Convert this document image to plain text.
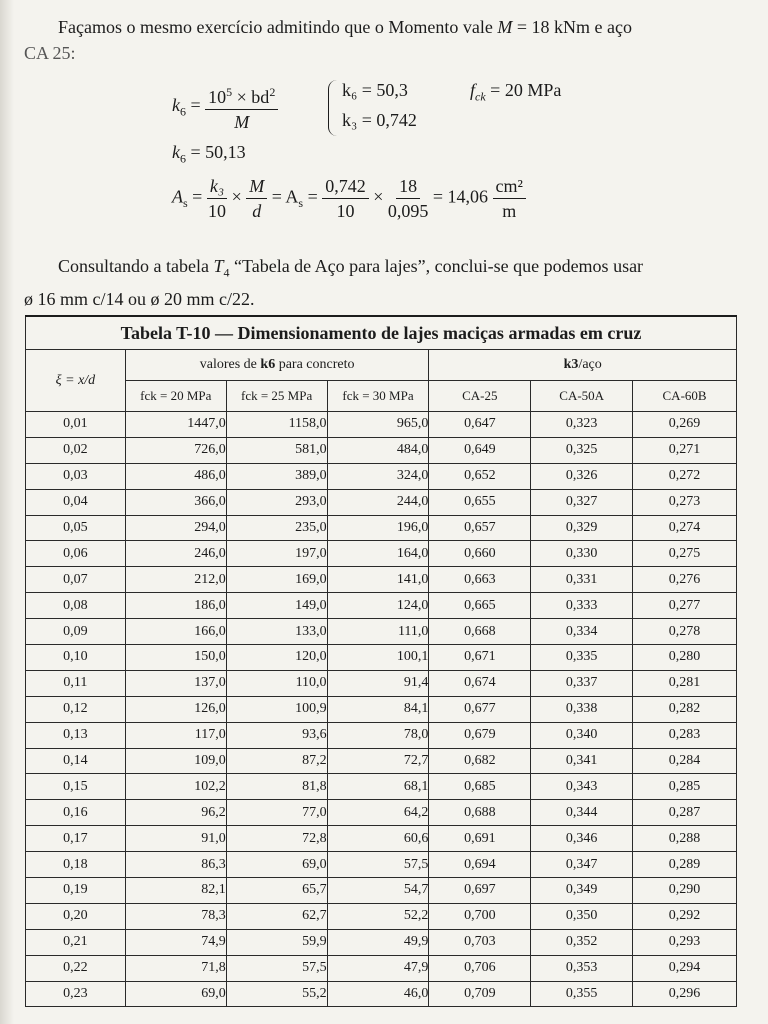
Façamos o mesmo exercício admitindo que o Momento vale M = 18 kNm e aço
CA 25:
$k_6 = \frac{10^5 \times bd^2}{M}$	k₆ = 50,3
k₃ = 0,742
$f_{ck} = 20$ MPa
$k_6 = 50,13$
$A_s = \frac{\text{k₃}}{10} \times \frac{M}{d} = A_s = \frac{0,742}{10} \times \frac{18}{0,095} = 14,06 \frac{\text{cm²}}{m}$
Consultando a tabela $T_4$ “Tabela de Aço para lajes”, conclui-se que podemos usar
ø 16 mm c/14 ou ø 20 mm c/22.
Tabela T-10 — Dimensionamento de lajes maciças armadas em cruz						
ξ = x/d	valores de k6 para concreto			k3/aço		
	fck = 20 MPa	fck = 25 MPa	fck = 30 MPa	CA-25	CA-50A	CA-60B
0,01	1447,0	1158,0	965,0	0,647	0,323	0,269
0,02	726,0	581,0	484,0	0,649	0,325	0,271
0,03	486,0	389,0	324,0	0,652	0,326	0,272
0,04	366,0	293,0	244,0	0,655	0,327	0,273
0,05	294,0	235,0	196,0	0,657	0,329	0,274
0,06	246,0	197,0	164,0	0,660	0,330	0,275
0,07	212,0	169,0	141,0	0,663	0,331	0,276
0,08	186,0	149,0	124,0	0,665	0,333	0,277
0,09	166,0	133,0	111,0	0,668	0,334	0,278
0,10	150,0	120,0	100,1	0,671	0,335	0,280
0,11	137,0	110,0	91,4	0,674	0,337	0,281
0,12	126,0	100,9	84,1	0,677	0,338	0,282
0,13	117,0	93,6	78,0	0,679	0,340	0,283
0,14	109,0	87,2	72,7	0,682	0,341	0,284
0,15	102,2	81,8	68,1	0,685	0,343	0,285
0,16	96,2	77,0	64,2	0,688	0,344	0,287
0,17	91,0	72,8	60,6	0,691	0,346	0,288
0,18	86,3	69,0	57,5	0,694	0,347	0,289
0,19	82,1	65,7	54,7	0,697	0,349	0,290
0,20	78,3	62,7	52,2	0,700	0,350	0,292
0,21	74,9	59,9	49,9	0,703	0,352	0,293
0,22	71,8	57,5	47,9	0,706	0,353	0,294
0,23	69,0	55,2	46,0	0,709	0,355	0,296
